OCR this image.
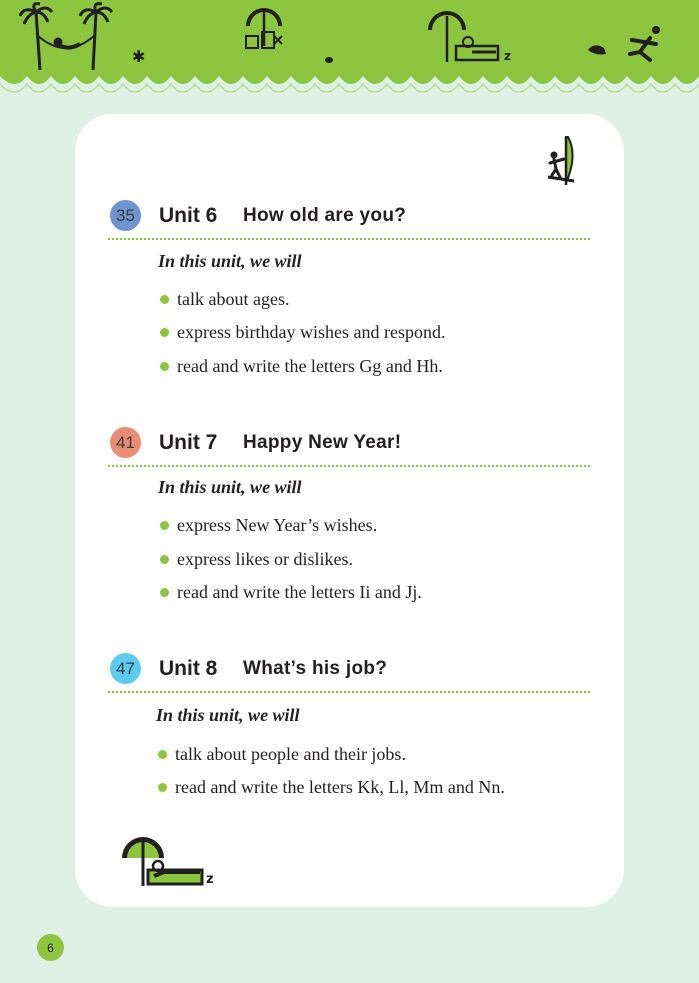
✱	z
35 Unit 6 How old are you?
In this unit, we will
talk about ages.
express birthday wishes and respond.
read and write the letters Gg and Hh.
41 Unit 7 Happy New Year!
In this unit, we will
express New Year’s wishes.
express likes or dislikes.
read and write the letters Ii and Jj.
47 Unit 8 What’s his job?
In this unit, we will
talk about people and their jobs.
read and write the letters Kk, Ll, Mm and Nn.
z
6
